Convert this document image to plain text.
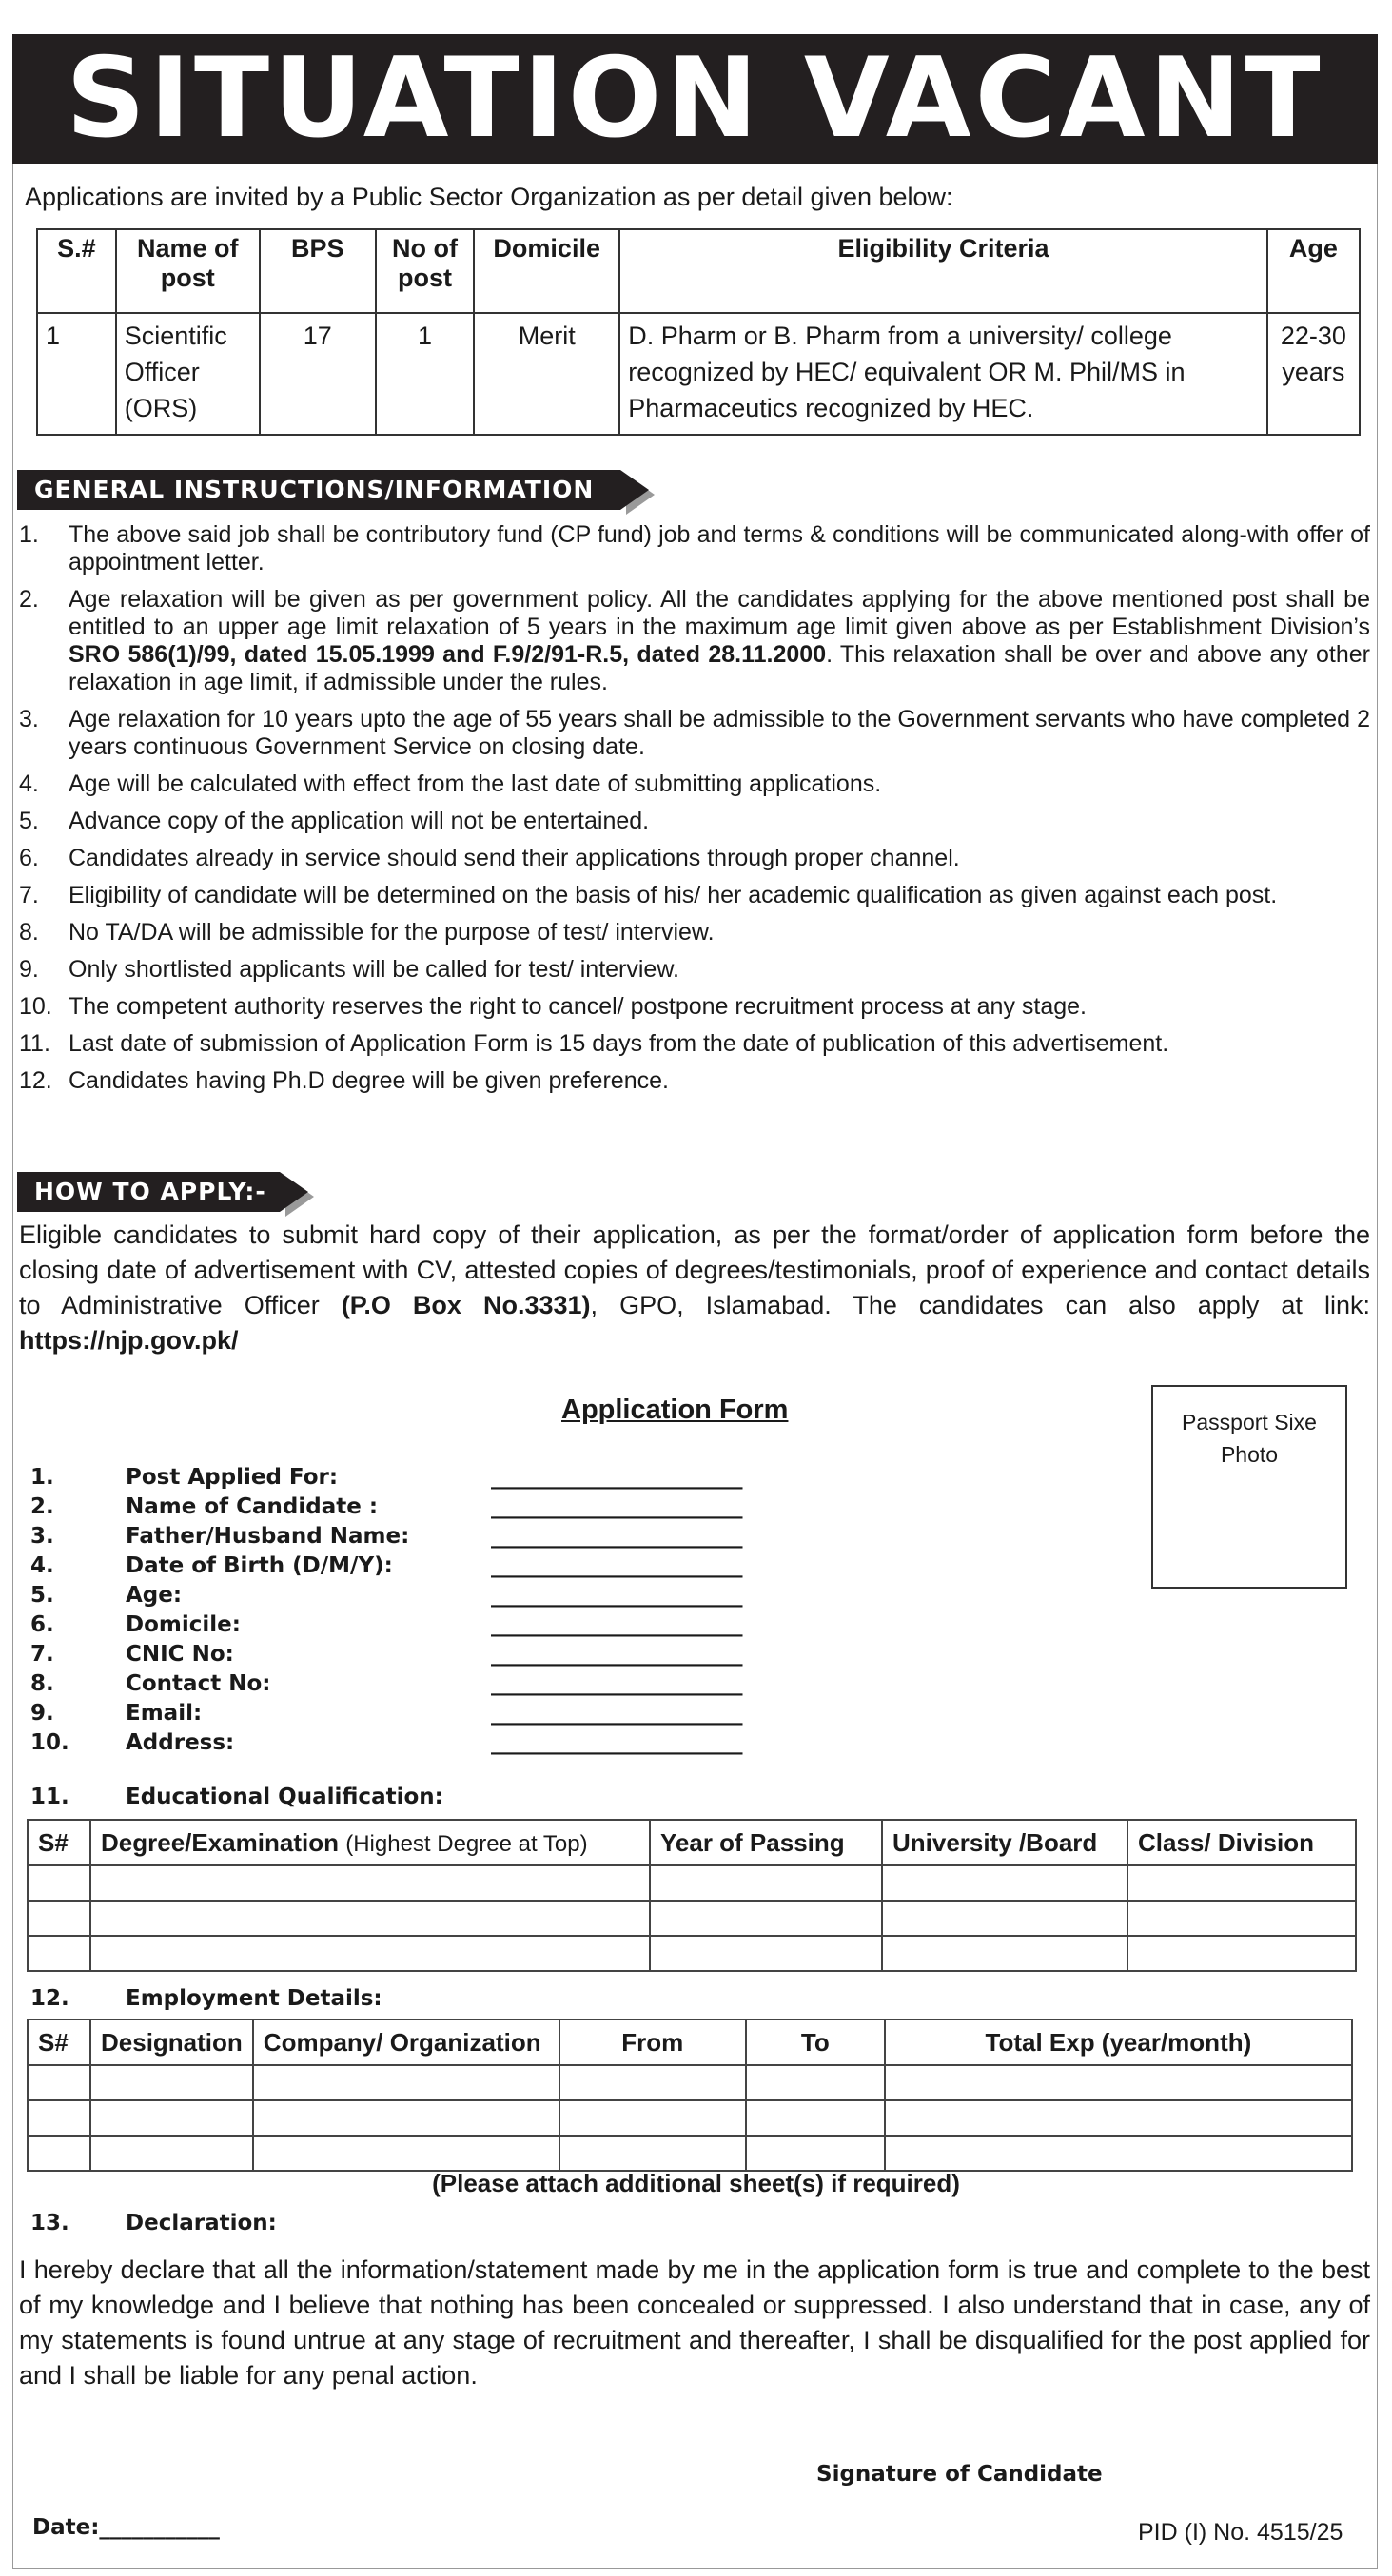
SITUATION VACANT
Applications are invited by a Public Sector Organization as per detail given below:
S.#	Name of post	BPS	No of post	Domicile	Eligibility Criteria	Age
1	Scientific Officer (ORS)	17	1	Merit	D. Pharm or B. Pharm from a university/ college recognized by HEC/ equivalent OR M. Phil/MS in Pharmaceutics recognized by HEC.	22-30 years
GENERAL INSTRUCTIONS/INFORMATION
1. The above said job shall be contributory fund (CP fund) job and terms & conditions will be communicated along-with offer of appointment letter.
2. Age relaxation will be given as per government policy. All the candidates applying for the above mentioned post shall be entitled to an upper age limit relaxation of 5 years in the maximum age limit given above as per Establishment Division’s SRO 586(1)/99, dated 15.05.1999 and F.9/2/91-R.5, dated 28.11.2000. This relaxation shall be over and above any other relaxation in age limit, if admissible under the rules.
3. Age relaxation for 10 years upto the age of 55 years shall be admissible to the Government servants who have completed 2 years continuous Government Service on closing date.
4. Age will be calculated with effect from the last date of submitting applications.
5. Advance copy of the application will not be entertained.
6. Candidates already in service should send their applications through proper channel.
7. Eligibility of candidate will be determined on the basis of his/ her academic qualification as given against each post.
8. No TA/DA will be admissible for the purpose of test/ interview.
9. Only shortlisted applicants will be called for test/ interview.
10. The competent authority reserves the right to cancel/ postpone recruitment process at any stage.
11. Last date of submission of Application Form is 15 days from the date of publication of this advertisement.
12. Candidates having Ph.D degree will be given preference.
HOW TO APPLY:-
Eligible candidates to submit hard copy of their application, as per the format/order of application form before the closing date of advertisement with CV, attested copies of degrees/testimonials, proof of experience and contact details to Administrative Officer (P.O Box No.3331), GPO, Islamabad. The candidates can also apply at link: https://njp.gov.pk/
Application Form	Passport Sixe
Photo
1.	Post Applied For:	_______________________
2.	Name of Candidate :	_______________________
3.	Father/Husband Name:	_______________________
4.	Date of Birth (D/M/Y):	_______________________
5.	Age:	_______________________
6.	Domicile:	_______________________
7.	CNIC No:	_______________________
8.	Contact No:	_______________________
9.	Email:	_______________________
10.	Address:	_______________________
11.	Educational Qualification:
S#	Degree/Examination (Highest Degree at Top)	Year of Passing	University /Board	Class/ Division

12.	Employment Details:
S#	Designation	Company/ Organization	From	To	Total Exp (year/month)

(Please attach additional sheet(s) if required)
13.	Declaration:
I hereby declare that all the information/statement made by me in the application form is true and complete to the best of my knowledge and I believe that nothing has been concealed or suppressed. I also understand that in case, any of my statements is found untrue at any stage of recruitment and thereafter, I shall be disqualified for the post applied for and I shall be liable for any penal action.
Signature of Candidate
Date:___________	PID (I) No. 4515/25
